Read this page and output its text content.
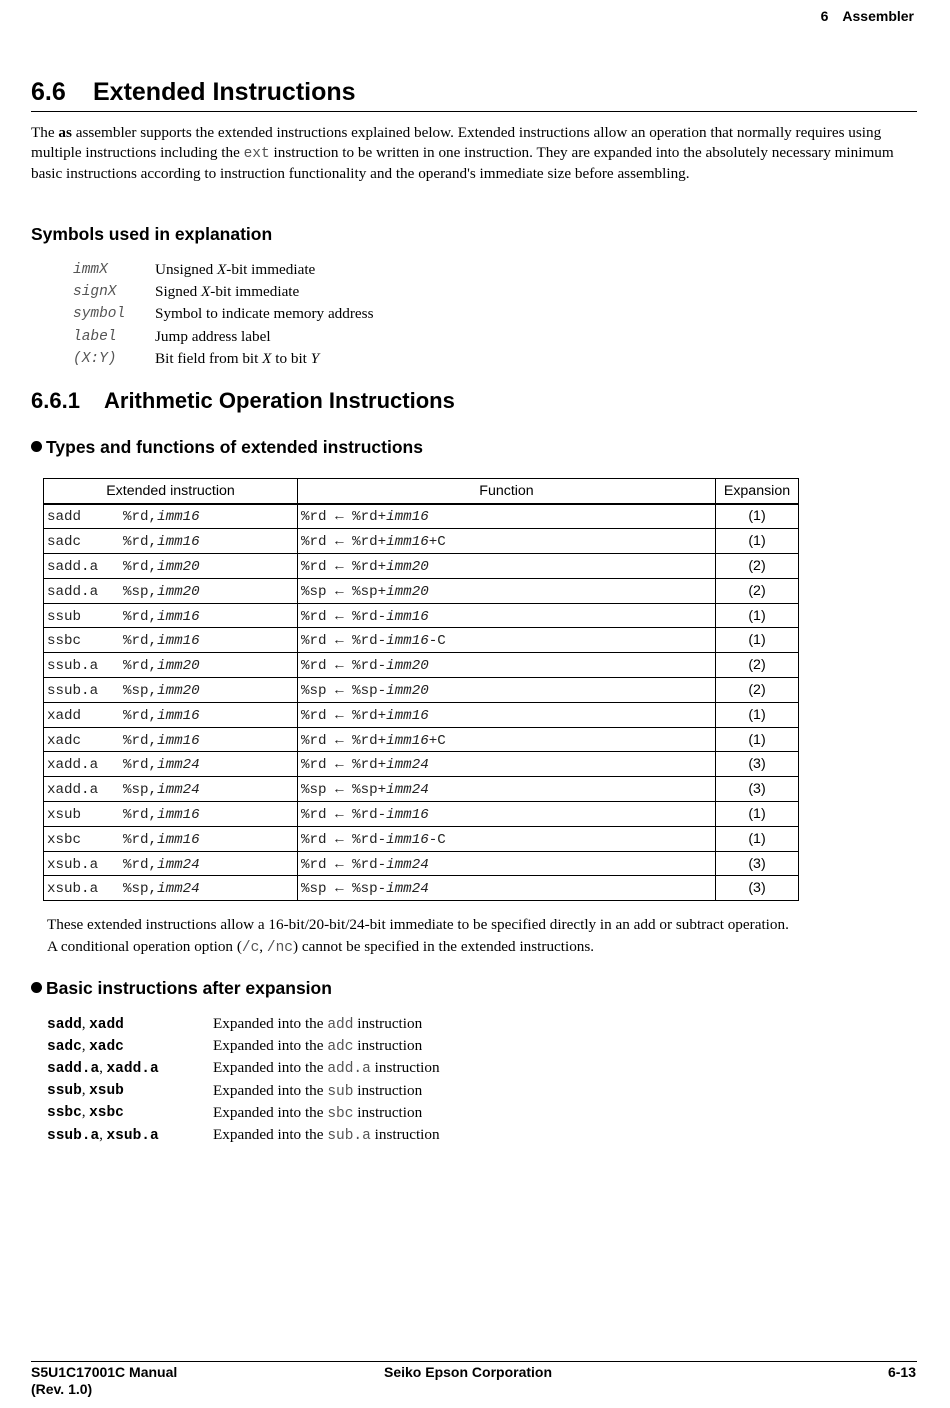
6 Assembler
6.6 Extended Instructions
The as assembler supports the extended instructions explained below. Extended instructions allow an operation that normally requires using multiple instructions including the ext instruction to be written in one instruction. They are expanded into the absolutely necessary minimum basic instructions according to instruction functionality and the operand's immediate size before assembling.
Symbols used in explanation
immX	Unsigned X-bit immediate
signX	Signed X-bit immediate
symbol	Symbol to indicate memory address
label	Jump address label
(X:Y)	Bit field from bit X to bit Y
6.6.1 Arithmetic Operation Instructions
Types and functions of extended instructions
Extended instruction	Function	Expansion
sadd %rd,imm16	%rd ← %rd+imm16	(1)
sadc %rd,imm16	%rd ← %rd+imm16+C	(1)
sadd.a %rd,imm20	%rd ← %rd+imm20	(2)
sadd.a %sp,imm20	%sp ← %sp+imm20	(2)
ssub %rd,imm16	%rd ← %rd-imm16	(1)
ssbc %rd,imm16	%rd ← %rd-imm16-C	(1)
ssub.a %rd,imm20	%rd ← %rd-imm20	(2)
ssub.a %sp,imm20	%sp ← %sp-imm20	(2)
xadd %rd,imm16	%rd ← %rd+imm16	(1)
xadc %rd,imm16	%rd ← %rd+imm16+C	(1)
xadd.a %rd,imm24	%rd ← %rd+imm24	(3)
xadd.a %sp,imm24	%sp ← %sp+imm24	(3)
xsub %rd,imm16	%rd ← %rd-imm16	(1)
xsbc %rd,imm16	%rd ← %rd-imm16-C	(1)
xsub.a %rd,imm24	%rd ← %rd-imm24	(3)
xsub.a %sp,imm24	%sp ← %sp-imm24	(3)
These extended instructions allow a 16-bit/20-bit/24-bit immediate to be specified directly in an add or subtract operation.
A conditional operation option (/c, /nc) cannot be specified in the extended instructions.
Basic instructions after expansion
sadd, xadd	Expanded into the add instruction
sadc, xadc	Expanded into the adc instruction
sadd.a, xadd.a	Expanded into the add.a instruction
ssub, xsub	Expanded into the sub instruction
ssbc, xsbc	Expanded into the sbc instruction
ssub.a, xsub.a	Expanded into the sub.a instruction
S5U1C17001C Manual
(Rev. 1.0)
Seiko Epson Corporation	6-13
